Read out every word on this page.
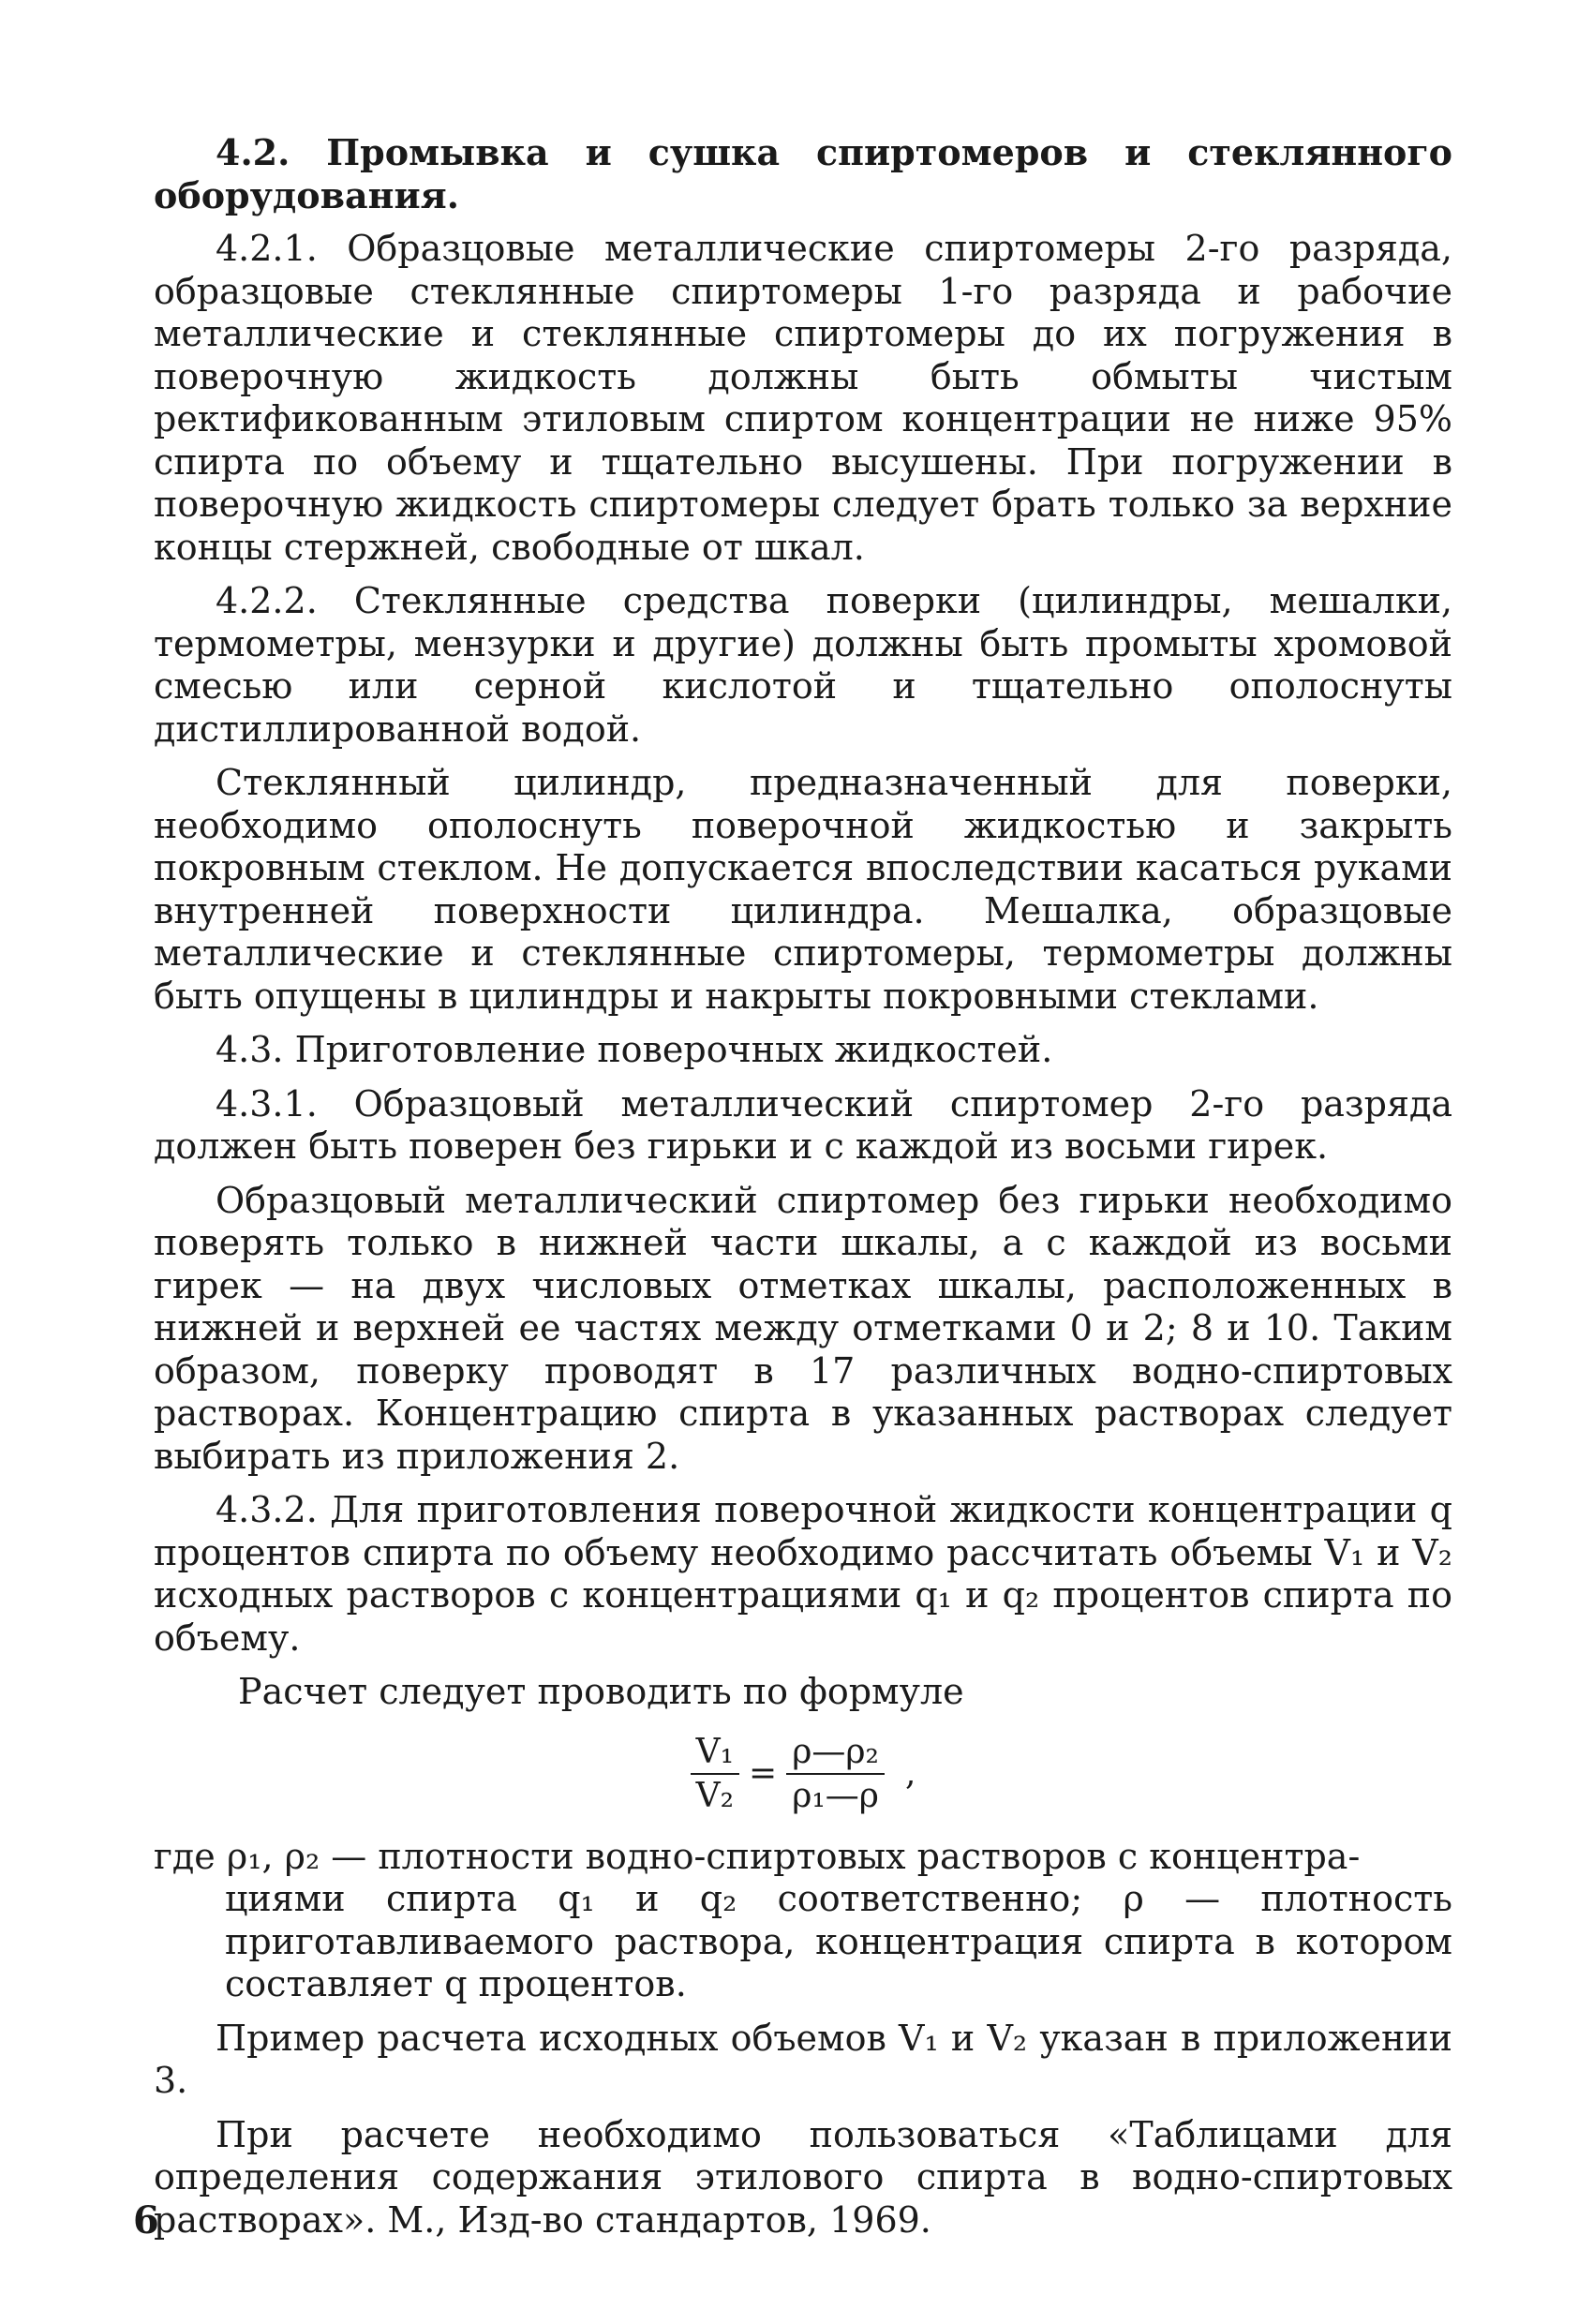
4.2. Промывка и сушка спиртомеров и стеклянного оборудования.

4.2.1. Образцовые металлические спиртомеры 2-го разряда, образцовые стеклянные спиртомеры 1-го разряда и рабочие металлические и стеклянные спиртомеры до их погружения в поверочную жидкость должны быть обмыты чистым ректификованным этиловым спиртом концентрации не ниже 95% спирта по объему и тщательно высушены. При погружении в поверочную жидкость спиртомеры следует брать только за верхние концы стержней, свободные от шкал.

4.2.2. Стеклянные средства поверки (цилиндры, мешалки, термометры, мензурки и другие) должны быть промыты хромовой смесью или серной кислотой и тщательно ополоснуты дистиллированной водой.

Стеклянный цилиндр, предназначенный для поверки, необходимо ополоснуть поверочной жидкостью и закрыть покровным стеклом. Не допускается впоследствии касаться руками внутренней поверхности цилиндра. Мешалка, образцовые металлические и стеклянные спиртомеры, термометры должны быть опущены в цилиндры и накрыты покровными стеклами.

4.3. Приготовление поверочных жидкостей.

4.3.1. Образцовый металлический спиртомер 2-го разряда должен быть поверен без гирьки и с каждой из восьми гирек.

Образцовый металлический спиртомер без гирьки необходимо поверять только в нижней части шкалы, а с каждой из восьми гирек — на двух числовых отметках шкалы, расположенных в нижней и верхней ее частях между отметками 0 и 2; 8 и 10. Таким образом, поверку проводят в 17 различных водно-спиртовых растворах. Концентрацию спирта в указанных растворах следует выбирать из приложения 2.

4.3.2. Для приготовления поверочной жидкости концентрации q процентов спирта по объему необходимо рассчитать объемы V₁ и V₂ исходных растворов с концентрациями q₁ и q₂ процентов спирта по объему.

Расчет следует проводить по формуле

$\frac{\text{V₁}}{\text{V₂}} = \frac{\text{ρ—ρ₂}}{\text{ρ₁—ρ}}$ ,

где ρ₁, ρ₂ — плотности водно-спиртовых растворов с концентра-
циями спирта q₁ и q₂ соответственно; ρ — плотность приготавливаемого раствора, концентрация спирта в котором составляет q процентов.

Пример расчета исходных объемов V₁ и V₂ указан в приложении 3.

При расчете необходимо пользоваться «Таблицами для определения содержания этилового спирта в водно-спиртовых растворах». М., Изд-во стандартов, 1969.

6
